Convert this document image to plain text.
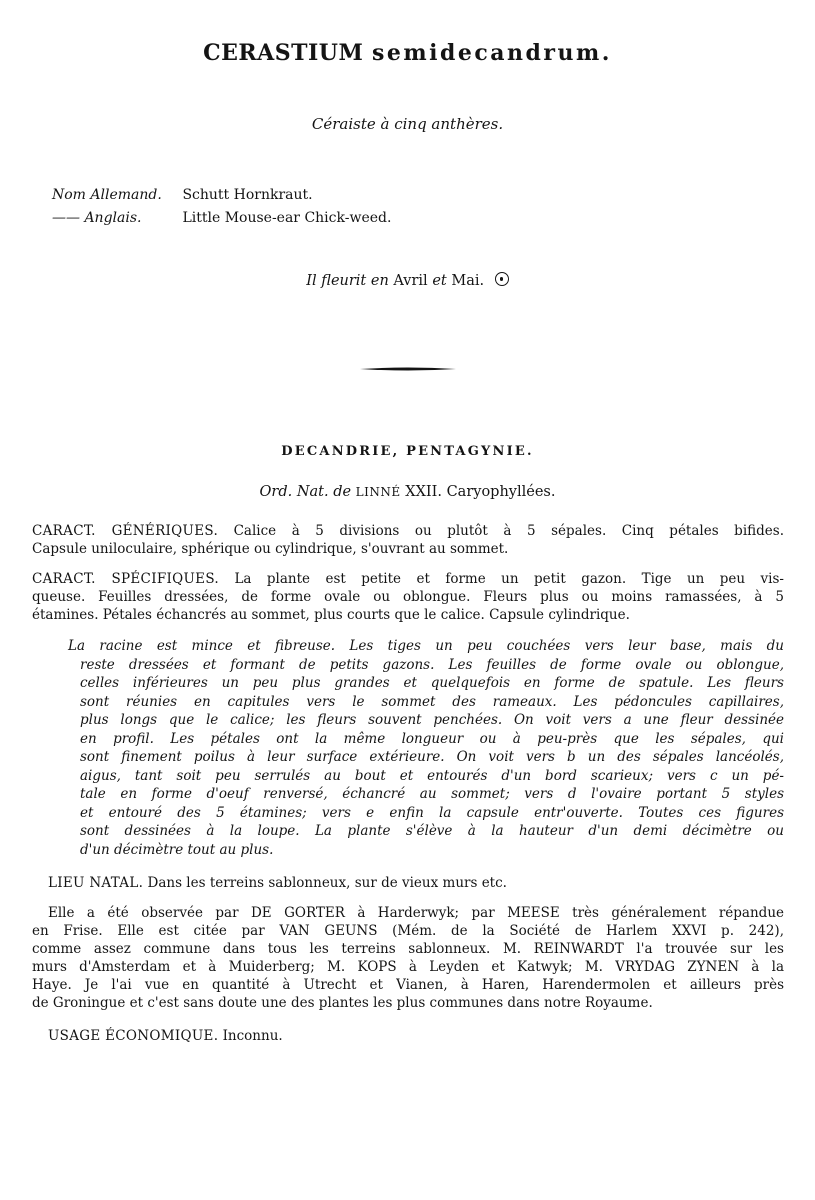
CERASTIUM semidecandrum.
Céraiste à cinq anthères.
Nom Allemand. Schutt Hornkraut.
—— Anglais.	Little Mouse-ear Chick-weed.
Il fleurit en Avril et Mai.
DECANDRIE, PENTAGYNIE.
Ord. Nat. de LINNÉ XXII. Caryophyllées.
CARACT. GÉNÉRIQUES. Calice à 5 divisions ou plutôt à 5 sépales. Cinq pétales bifides.
Capsule uniloculaire, sphérique ou cylindrique, s'ouvrant au sommet.
CARACT. SPÉCIFIQUES. La plante est petite et forme un petit gazon. Tige un peu vis-
queuse. Feuilles dressées, de forme ovale ou oblongue. Fleurs plus ou moins ramassées, à 5
étamines. Pétales échancrés au sommet, plus courts que le calice. Capsule cylindrique.
La racine est mince et fibreuse. Les tiges un peu couchées vers leur base, mais du
reste dressées et formant de petits gazons. Les feuilles de forme ovale ou oblongue,
celles inférieures un peu plus grandes et quelquefois en forme de spatule. Les fleurs
sont réunies en capitules vers le sommet des rameaux. Les pédoncules capillaires,
plus longs que le calice; les fleurs souvent penchées. On voit vers a une fleur dessinée
en profil. Les pétales ont la même longueur ou à peu-près que les sépales, qui
sont finement poilus à leur surface extérieure. On voit vers b un des sépales lancéolés,
aigus, tant soit peu serrulés au bout et entourés d'un bord scarieux; vers c un pé-
tale en forme d'oeuf renversé, échancré au sommet; vers d l'ovaire portant 5 styles
et entouré des 5 étamines; vers e enfin la capsule entr'ouverte. Toutes ces figures
sont dessinées à la loupe. La plante s'élève à la hauteur d'un demi décimètre ou
d'un décimètre tout au plus.
LIEU NATAL. Dans les terreins sablonneux, sur de vieux murs etc.
Elle a été observée par DE GORTER à Harderwyk; par MEESE très généralement répandue
en Frise. Elle est citée par VAN GEUNS (Mém. de la Société de Harlem XXVI p. 242),
comme assez commune dans tous les terreins sablonneux. M. REINWARDT l'a trouvée sur les
murs d'Amsterdam et à Muiderberg; M. KOPS à Leyden et Katwyk; M. VRYDAG ZYNEN à la
Haye. Je l'ai vue en quantité à Utrecht et Vianen, à Haren, Harendermolen et ailleurs près
de Groningue et c'est sans doute une des plantes les plus communes dans notre Royaume.
USAGE ÉCONOMIQUE. Inconnu.
